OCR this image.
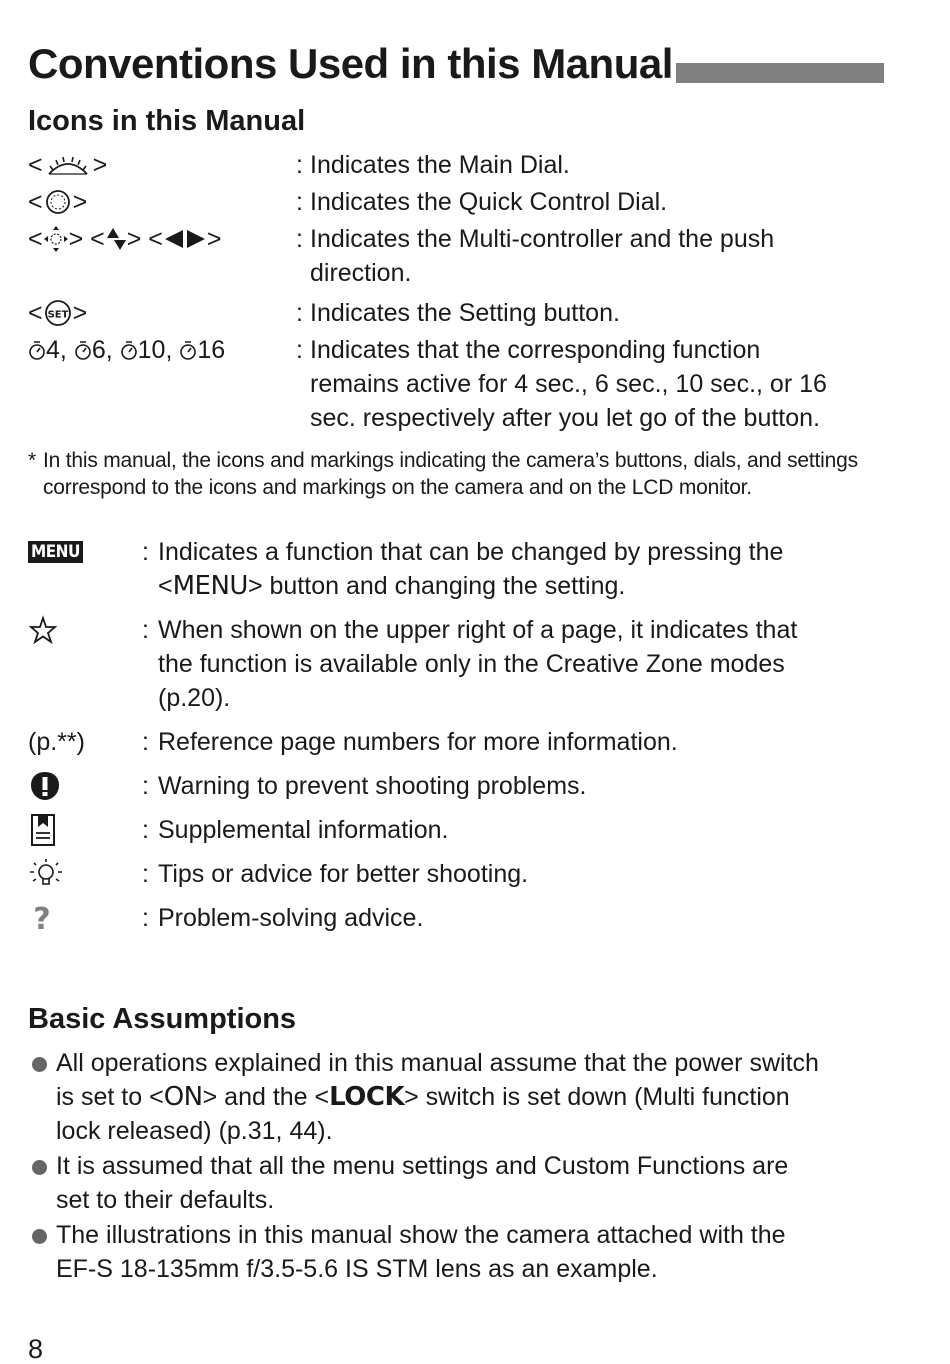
Conventions Used in this Manual
Icons in this Manual
< >	: Indicates the Main Dial.
< >	: Indicates the Quick Control Dial.
< > < > < >	: Indicates the Multi-controller and the push
direction.
< SET >	: Indicates the Setting button.
4 , 6 , 10 , 16	: Indicates that the corresponding function
remains active for 4 sec., 6 sec., 10 sec., or 16
sec. respectively after you let go of the button.
* In this manual, the icons and markings indicating the camera’s buttons, dials, and settings correspond to the icons and markings on the camera and on the LCD monitor.
MENU : Indicates a function that can be changed by pressing the
<MENU> button and changing the setting.
: When shown on the upper right of a page, it indicates that
the function is available only in the Creative Zone modes
(p.20).
(p.**) : Reference page numbers for more information.
: Warning to prevent shooting problems.
: Supplemental information.
: Tips or advice for better shooting.
?	: Problem-solving advice.
Basic Assumptions
All operations explained in this manual assume that the power switch
is set to <ON> and the <LOCK> switch is set down (Multi function
lock released) (p.31, 44).
It is assumed that all the menu settings and Custom Functions are
set to their defaults.
The illustrations in this manual show the camera attached with the
EF-S 18-135mm f/3.5-5.6 IS STM lens as an example.
8
